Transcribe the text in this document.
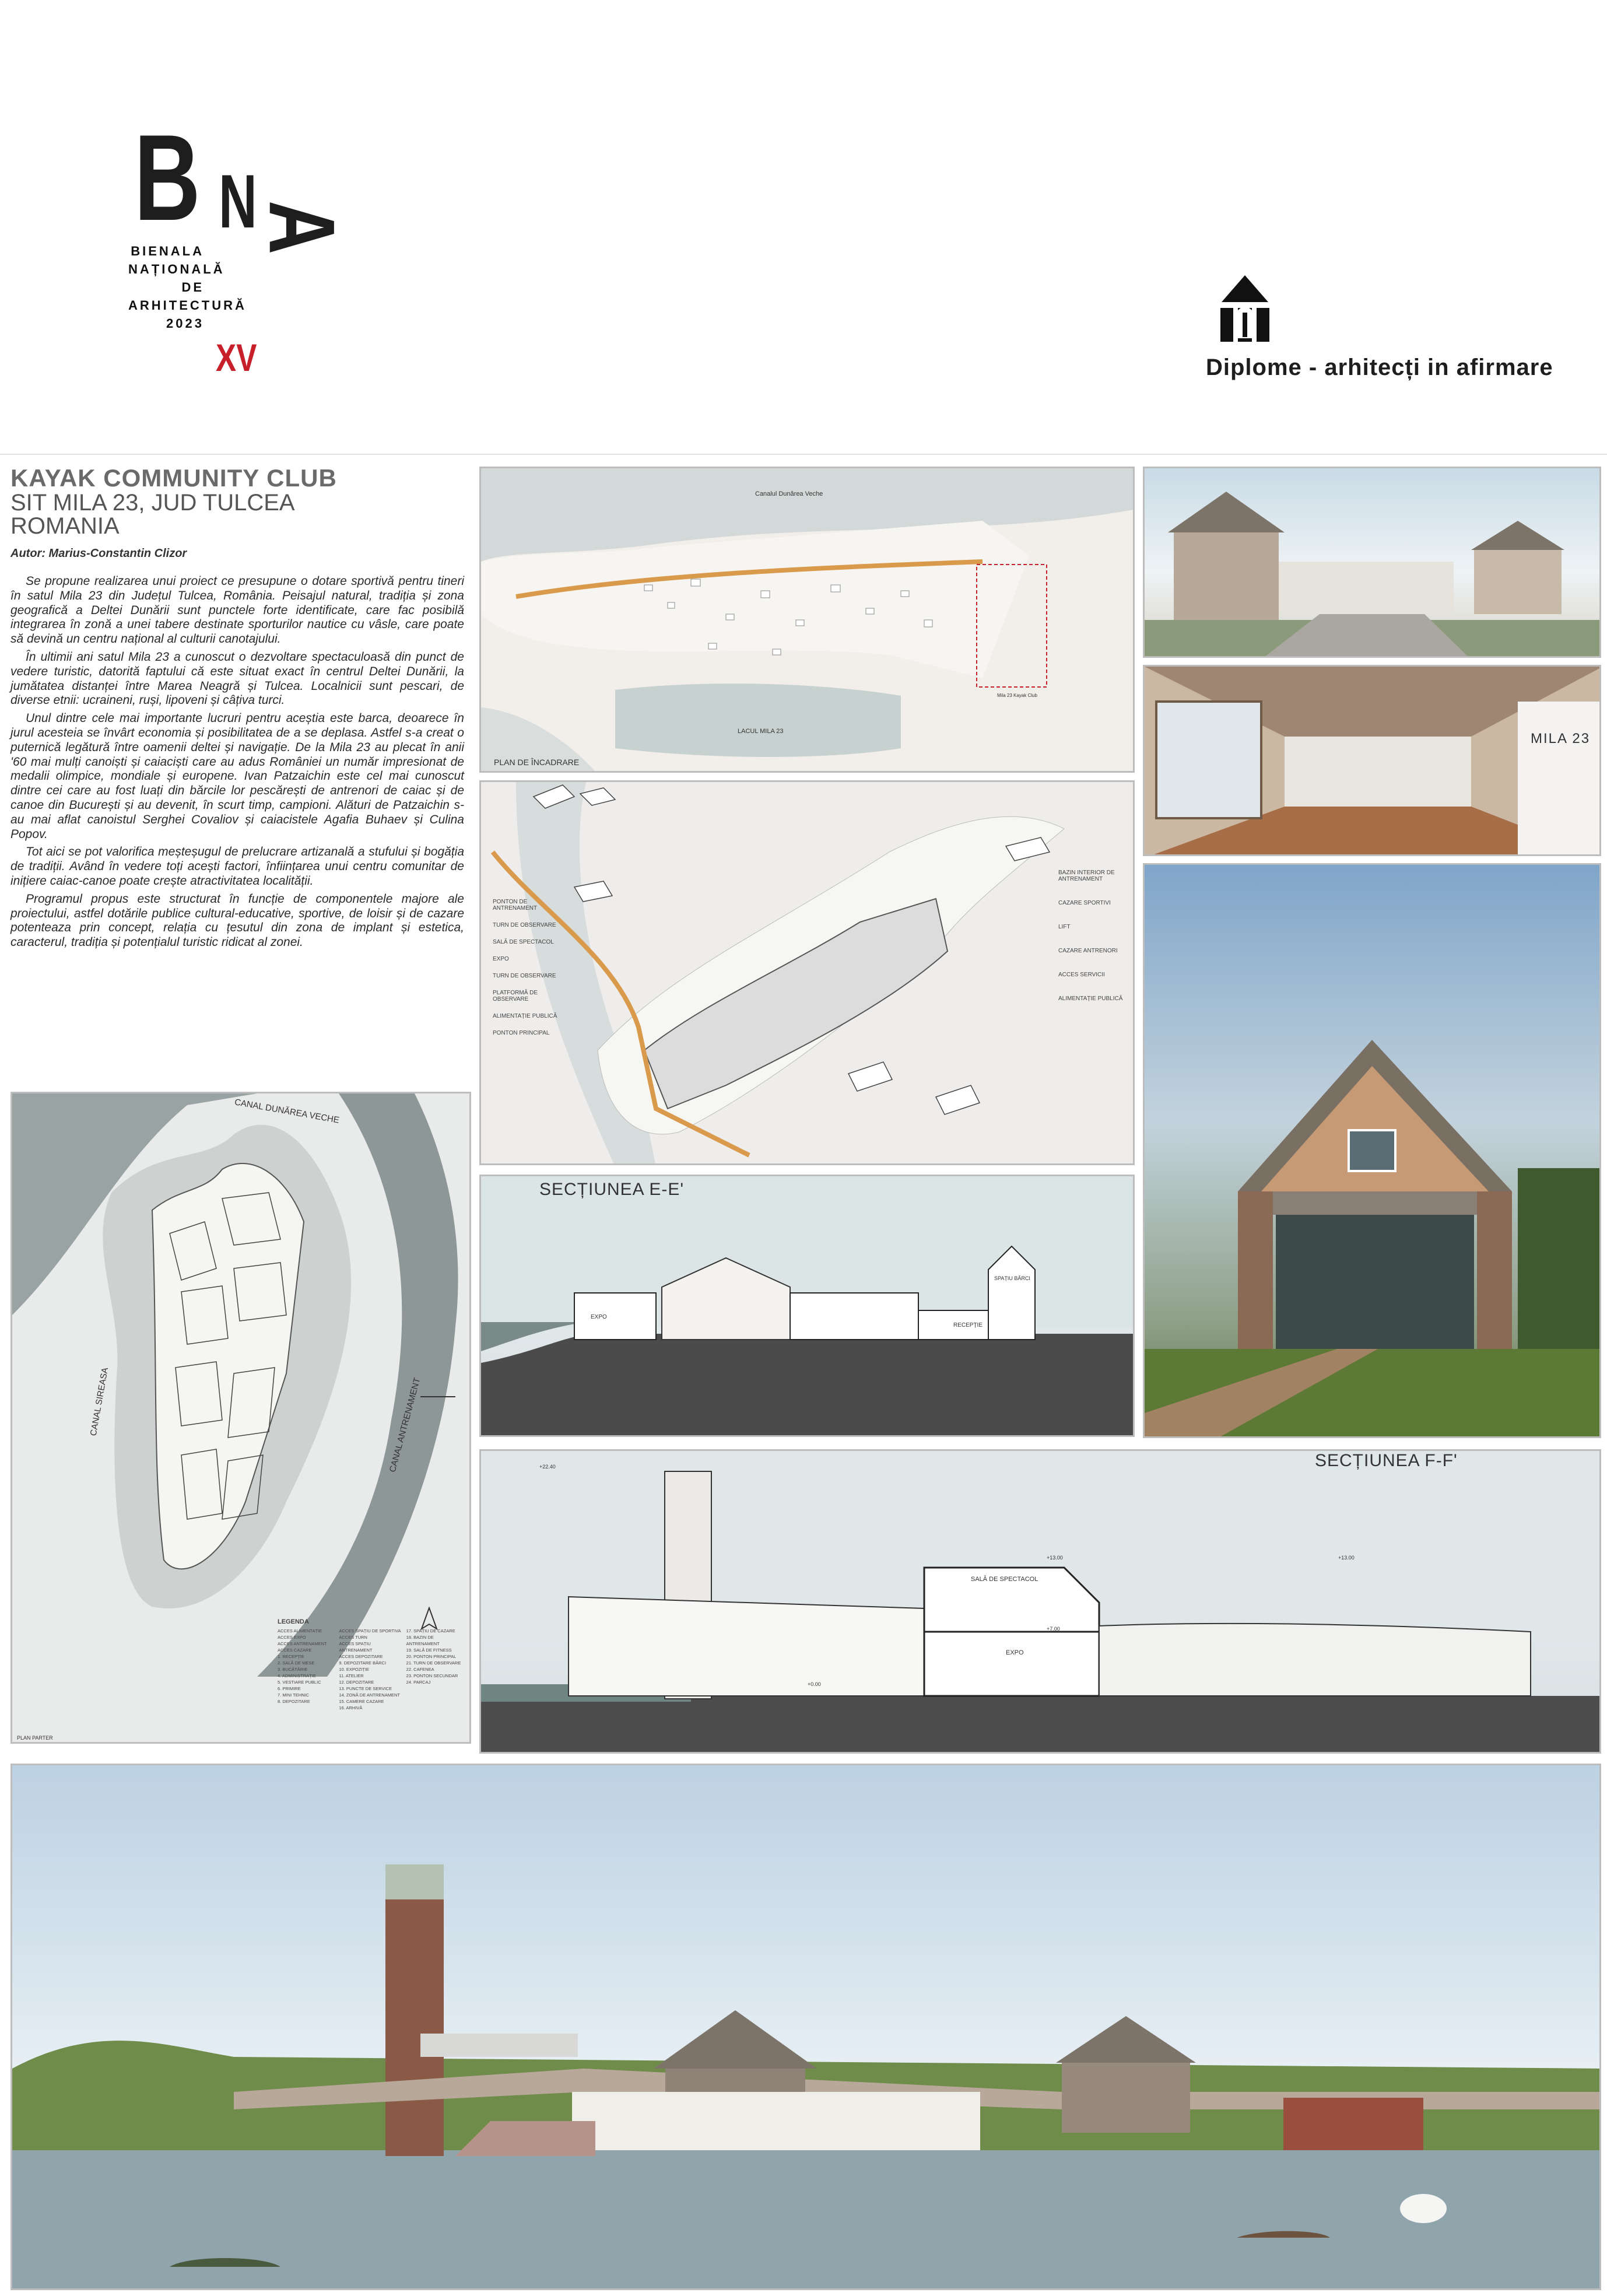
B N
A
BIENALA
NAȚIONALĂ
DE
ARHITECTURĂ
2023
XV	Diplome - arhitecți in afirmare
KAYAK COMMUNITY CLUB
SIT MILA 23, JUD TULCEA
ROMANIA
Autor: Marius-Constantin Clizor

Se propune realizarea unui proiect ce presupune o dotare sportivă pentru tineri în satul Mila 23 din Județul Tulcea, România. Peisajul natural, tradiția și zona geografică a Deltei Dunării sunt punctele forte identificate, care fac posibilă integrarea în zonă a unei tabere destinate sporturilor nautice cu vâsle, care poate să devină un centru național al culturii canotajului.

În ultimii ani satul Mila 23 a cunoscut o dezvoltare spectaculoasă din punct de vedere turistic, datorită faptului că este situat exact în centrul Deltei Dunării, la jumătatea distanței între Marea Neagră și Tulcea. Localnicii sunt pescari, de diverse etnii: ucraineni, ruși, lipoveni și câțiva turci.

Unul dintre cele mai importante lucruri pentru aceștia este barca, deoarece în jurul acesteia se învârt economia și posibilitatea de a se deplasa. Astfel s-a creat o puternică legătură între oamenii deltei și navigație. De la Mila 23 au plecat în anii '60 mai mulți canoiști și caiaciști care au adus României un număr impresionat de medalii olimpice, mondiale și europene. Ivan Patzaichin este cel mai cunoscut dintre cei care au fost luați din bărcile lor pescărești de antrenori de caiac și de canoe din București și au devenit, în scurt timp, campioni. Alături de Patzaichin s-au mai aflat canoistul Serghei Covaliov și caiacistele Agafia Buhaev și Culina Popov.

Tot aici se pot valorifica meșteșugul de prelucrare artizanală a stufului și bogăția de tradiții. Având în vedere toți acești factori, înființarea unui centru comunitar de inițiere caiac-canoe poate crește atractivitatea localității.

Programul propus este structurat în funcție de componentele majore ale proiectului, astfel dotările publice cultural-educative, sportive, de loisir și de cazare potenteaza prin concept, relația cu țesutul din zona de implant și estetica, caracterul, tradiția și potențialul turistic ridicat al zonei.

CANAL DUNĂREA VECHE
CANAL SIREASA	CANAL ANTRENAMENT
LEGENDA
ACCES ALIMENTAȚIE
ACCES EXPO
ACCES ANTRENAMENT
ACCES CAZARE
1. RECEPȚIE
2. SALĂ DE MESE
3. BUCĂTĂRIE
4. ADMINISTRAȚIE
5. VESTIARE PUBLIC
6. PRIMIRE
7. MINI TEHNIC
8. DEPOZITARE
ACCES SPAȚIU DE SPORTIVA
ACCES TURN
ACCES SPAȚIU ANTRENAMENT
ACCES DEPOZITARE
9. DEPOZITARE BĂRCI
10. EXPOZIȚIE
11. ATELIER
12. DEPOZITARE
13. PUNCTE DE SERVICE
14. ZONĂ DE ANTRENAMENT
15. CAMERE CAZARE
16. ARHIVĂ
17. SPAȚIU DE CAZARE
18. BAZIN DE ANTRENAMENT
19. SALĂ DE FITNESS
20. PONTON PRINCIPAL
21. TURN DE OBSERVARE
22. CAFENEA
23. PONTON SECUNDAR
24. PARCAJ
PLAN PARTER
Canalul Dunărea Veche
LACUL MILA 23
Mila 23 Kayak Club
PLAN DE ÎNCADRARE
PONTON DE ANTRENAMENT
TURN DE OBSERVARE
SALĂ DE SPECTACOL
EXPO
TURN DE OBSERVARE
PLATFORMĂ DE OBSERVARE
ALIMENTAȚIE PUBLICĂ
PONTON PRINCIPAL
BAZIN INTERIOR DE ANTRENAMENT
CAZARE SPORTIVI
LIFT
CAZARE ANTRENORI
ACCES SERVICII
ALIMENTAȚIE PUBLICĂ
SECȚIUNEA E-E'
EXPO
RECEPȚIE
SPAȚIU BĂRCI
SECȚIUNEA F-F'
SALĂ DE SPECTACOL
EXPO
+22.40
+13.00	+13.00
+7.00
+0.00
MILA 23
